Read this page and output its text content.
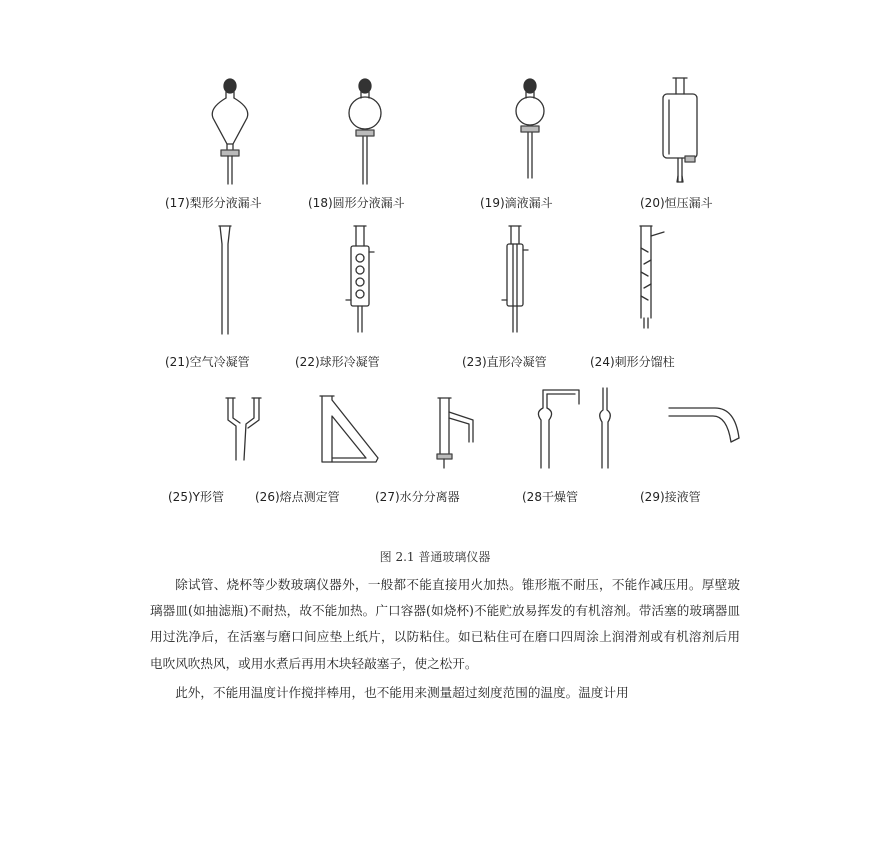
(17)梨形分液漏斗	(18)圆形分液漏斗	(19)滴液漏斗	(20)恒压漏斗
(21)空气冷凝管	(22)球形冷凝管	(23)直形冷凝管	(24)刺形分馏柱
(25)Y形管	(26)熔点测定管	(27)水分分离器	(28干燥管	(29)接液管
图 2.1 普通玻璃仪器

除试管、烧杯等少数玻璃仪器外，一般都不能直接用火加热。锥形瓶不耐压，不能作减压用。厚壁玻璃器皿(如抽滤瓶)不耐热，故不能加热。广口容器(如烧杯)不能贮放易挥发的有机溶剂。带活塞的玻璃器皿用过洗净后，在活塞与磨口间应垫上纸片，以防粘住。如已粘住可在磨口四周涂上润滑剂或有机溶剂后用电吹风吹热风，或用水煮后再用木块轻敲塞子，使之松开。

此外，不能用温度计作搅拌棒用，也不能用来测量超过刻度范围的温度。温度计用
